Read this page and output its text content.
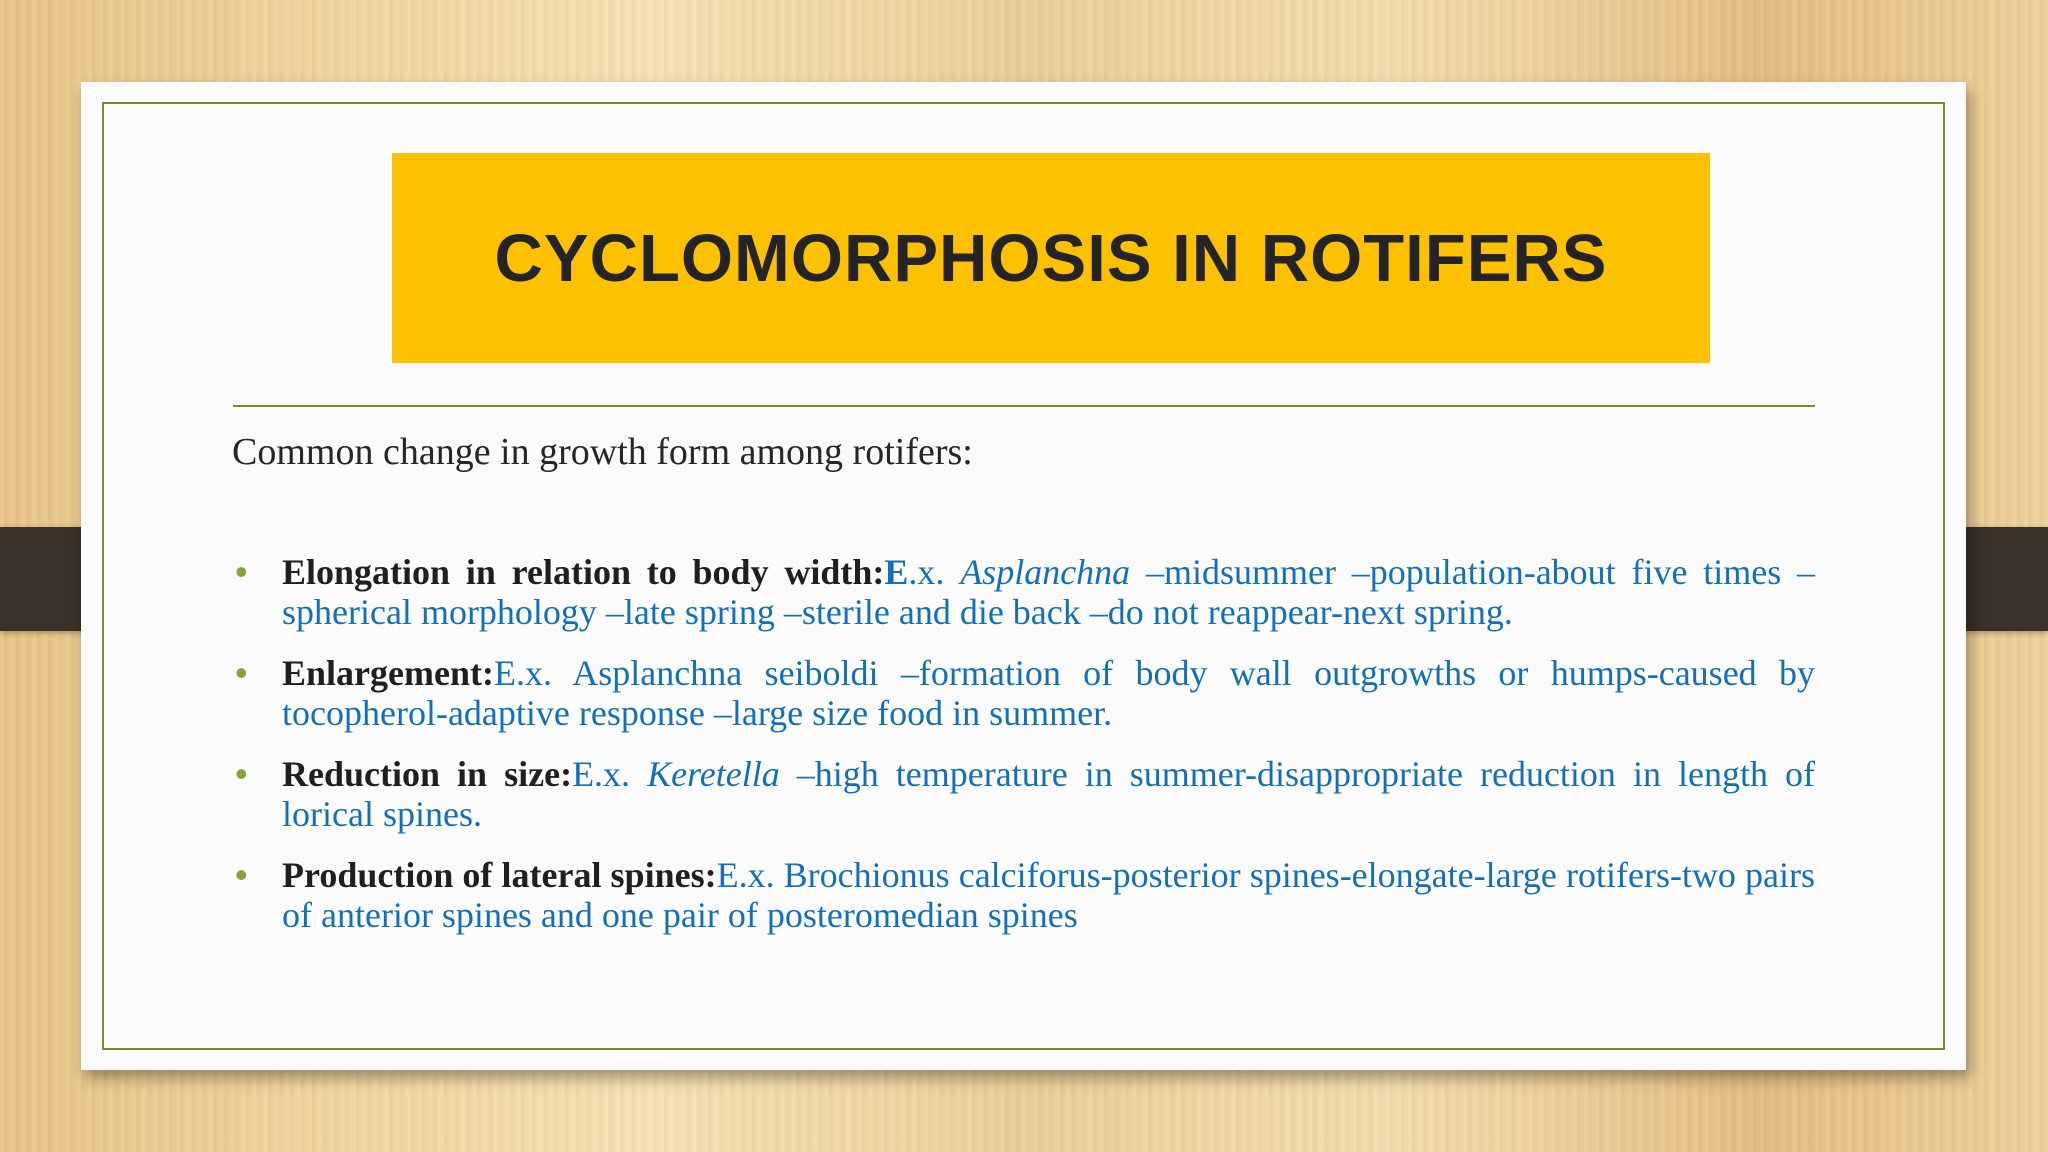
CYCLOMORPHOSIS IN ROTIFERS

Common change in growth form among rotifers:

• Elongation in relation to body width:E.x. Asplanchna –midsummer –population-about five times –spherical morphology –late spring –sterile and die back –do not reappear-next spring.
• Enlargement:E.x. Asplanchna seiboldi –formation of body wall outgrowths or humps-caused by tocopherol-adaptive response –large size food in summer.
• Reduction in size:E.x. Keretella –high temperature in summer-disappropriate reduction in length of lorical spines.
• Production of lateral spines:E.x. Brochionus calciforus-posterior spines-elongate-large rotifers-two pairs of anterior spines and one pair of posteromedian spines
